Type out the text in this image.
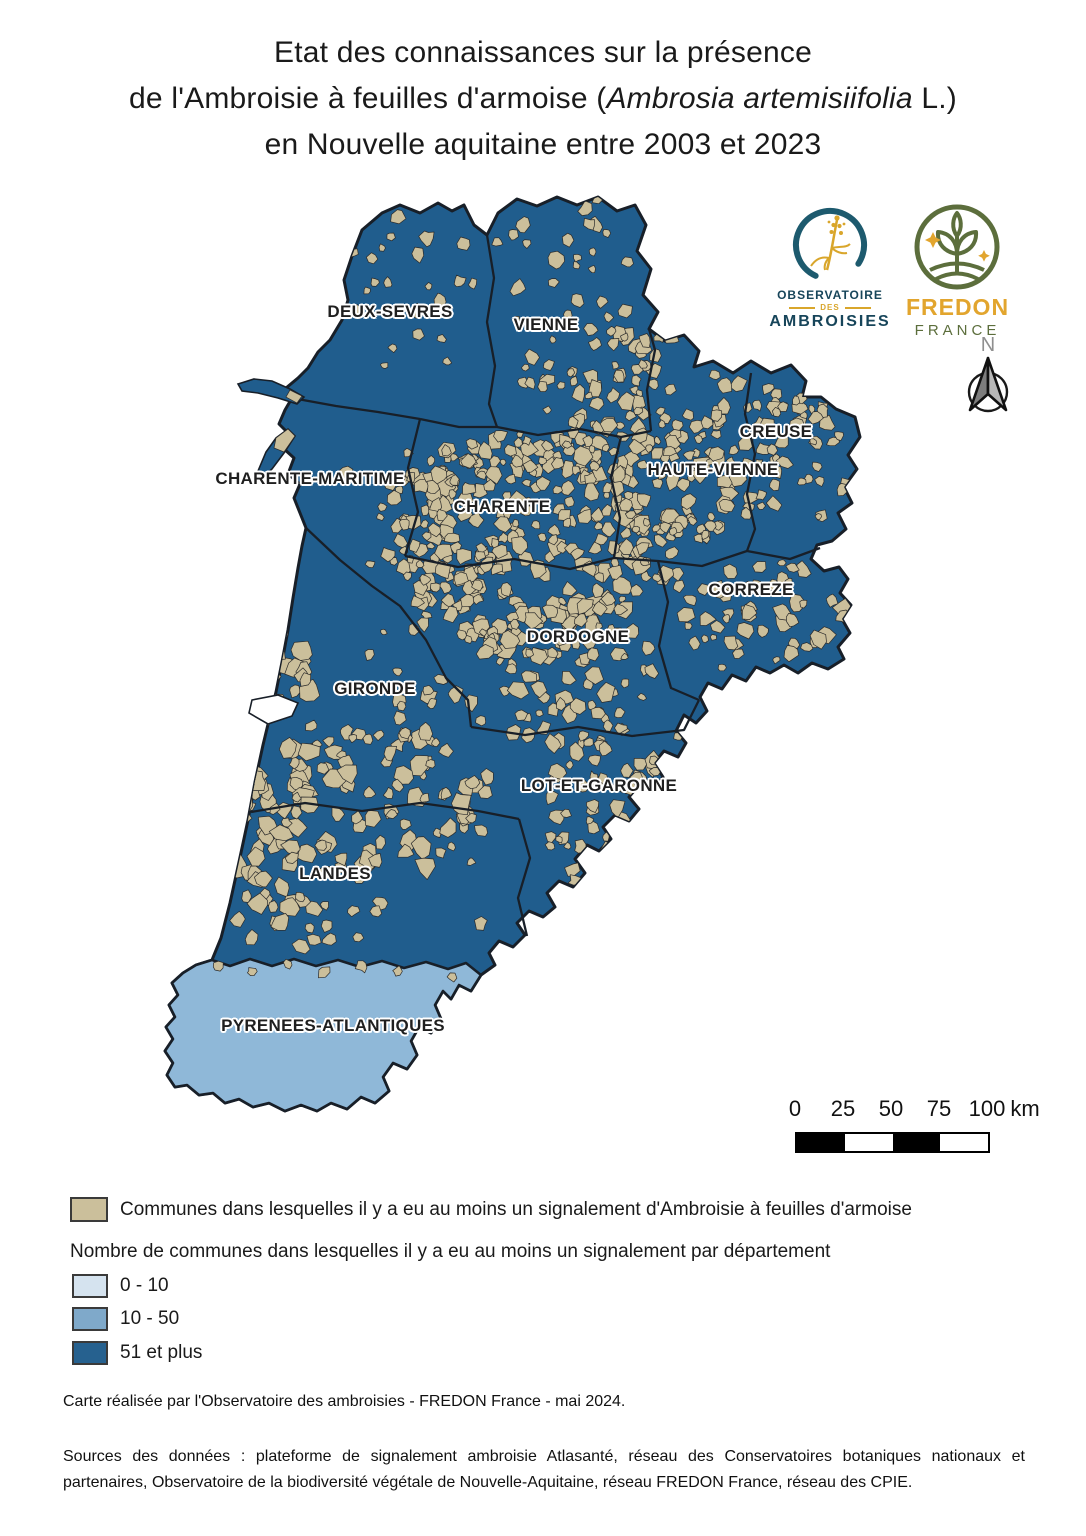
Etat des connaissances sur la présence
de l'Ambroisie à feuilles d'armoise (Ambrosia artemisiifolia L.)
en Nouvelle aquitaine entre 2003 et 2023
OBSERVATOIRE
DES
AMBROISIES
FREDON
FRANCE
N
DEUX-SEVRES
VIENNE
CREUSE
HAUTE-VIENNE
CHARENTE-MARITIME
CHARENTE
CORREZE
DORDOGNE
GIRONDE
LOT-ET-GARONNE
LANDES
PYRENEES-ATLANTIQUES
0 25 50 75 100 km
Communes dans lesquelles il y a eu au moins un signalement d'Ambroisie à feuilles d'armoise
Nombre de communes dans lesquelles il y a eu au moins un signalement par département
0 - 10
10 - 50
51 et plus
Carte réalisée par l'Observatoire des ambroisies - FREDON France - mai 2024.
Sources des données : plateforme de signalement ambroisie Atlasanté, réseau des Conservatoires botaniques nationaux et partenaires, Observatoire de la biodiversité végétale de Nouvelle-Aquitaine, réseau FREDON France, réseau des CPIE.
